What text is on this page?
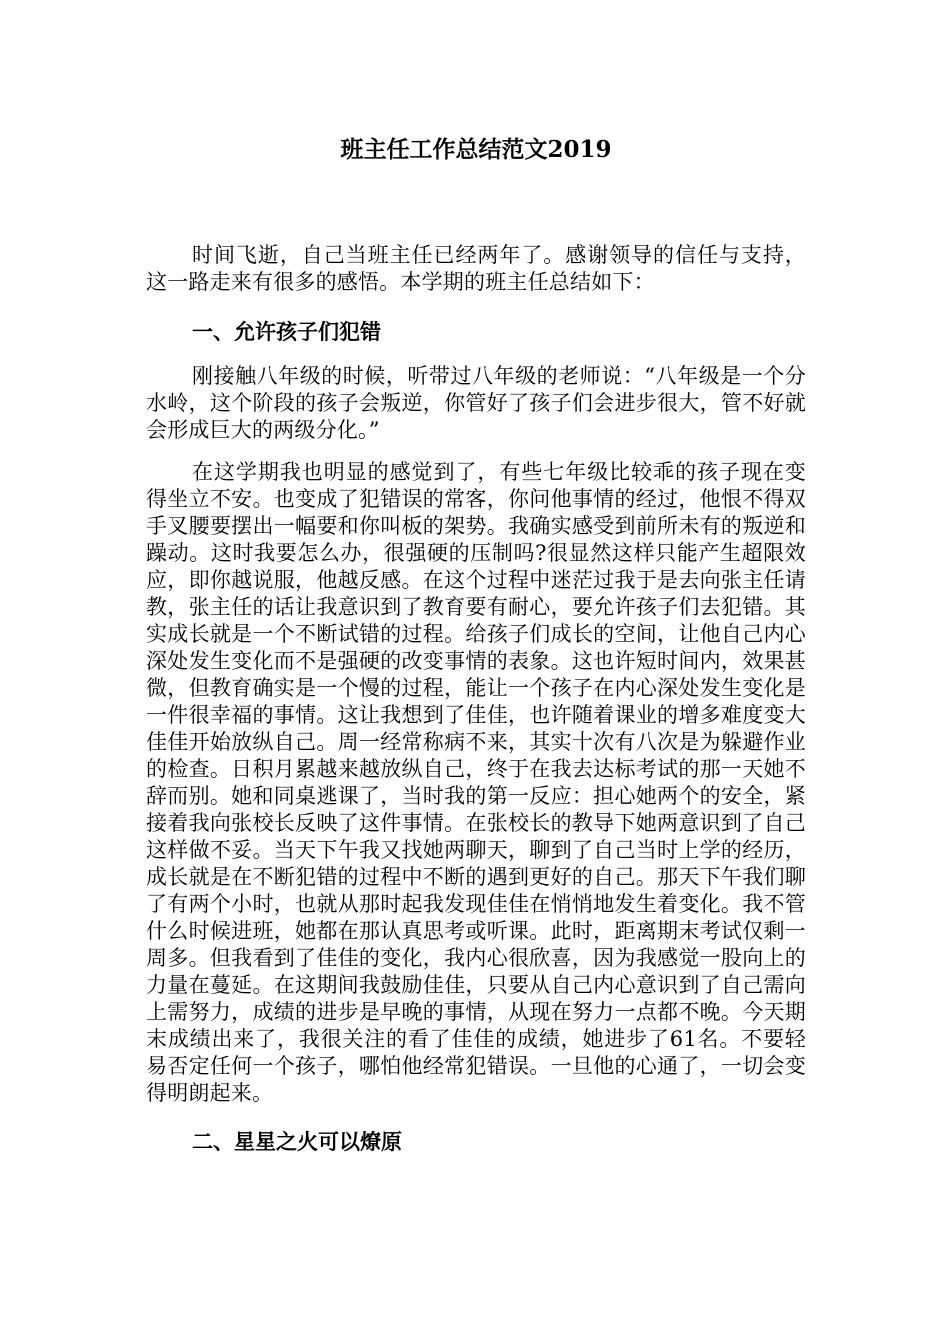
班主任工作总结范文2019

时间飞逝，自己当班主任已经两年了。感谢领导的信任与支持，这一路走来有很多的感悟。本学期的班主任总结如下：

一、允许孩子们犯错

刚接触八年级的时候，听带过八年级的老师说：“八年级是一个分水岭，这个阶段的孩子会叛逆，你管好了孩子们会进步很大，管不好就会形成巨大的两级分化。”

在这学期我也明显的感觉到了，有些七年级比较乖的孩子现在变得坐立不安。也变成了犯错误的常客，你问他事情的经过，他恨不得双手叉腰要摆出一幅要和你叫板的架势。我确实感受到前所未有的叛逆和躁动。这时我要怎么办，很强硬的压制吗?很显然这样只能产生超限效应，即你越说服，他越反感。在这个过程中迷茫过我于是去向张主任请教，张主任的话让我意识到了教育要有耐心，要允许孩子们去犯错。其实成长就是一个不断试错的过程。给孩子们成长的空间，让他自己内心深处发生变化而不是强硬的改变事情的表象。这也许短时间内，效果甚微，但教育确实是一个慢的过程，能让一个孩子在内心深处发生变化是一件很幸福的事情。这让我想到了佳佳，也许随着课业的增多难度变大佳佳开始放纵自己。周一经常称病不来，其实十次有八次是为躲避作业的检查。日积月累越来越放纵自己，终于在我去达标考试的那一天她不辞而别。她和同桌逃课了，当时我的第一反应：担心她两个的安全，紧接着我向张校长反映了这件事情。在张校长的教导下她两意识到了自己这样做不妥。当天下午我又找她两聊天，聊到了自己当时上学的经历，成长就是在不断犯错的过程中不断的遇到更好的自己。那天下午我们聊了有两个小时，也就从那时起我发现佳佳在悄悄地发生着变化。我不管什么时候进班，她都在那认真思考或听课。此时，距离期末考试仅剩一周多。但我看到了佳佳的变化，我内心很欣喜，因为我感觉一股向上的力量在蔓延。在这期间我鼓励佳佳，只要从自己内心意识到了自己需向上需努力，成绩的进步是早晚的事情，从现在努力一点都不晚。今天期末成绩出来了，我很关注的看了佳佳的成绩，她进步了61名。不要轻易否定任何一个孩子，哪怕他经常犯错误。一旦他的心通了，一切会变得明朗起来。

二、星星之火可以燎原
